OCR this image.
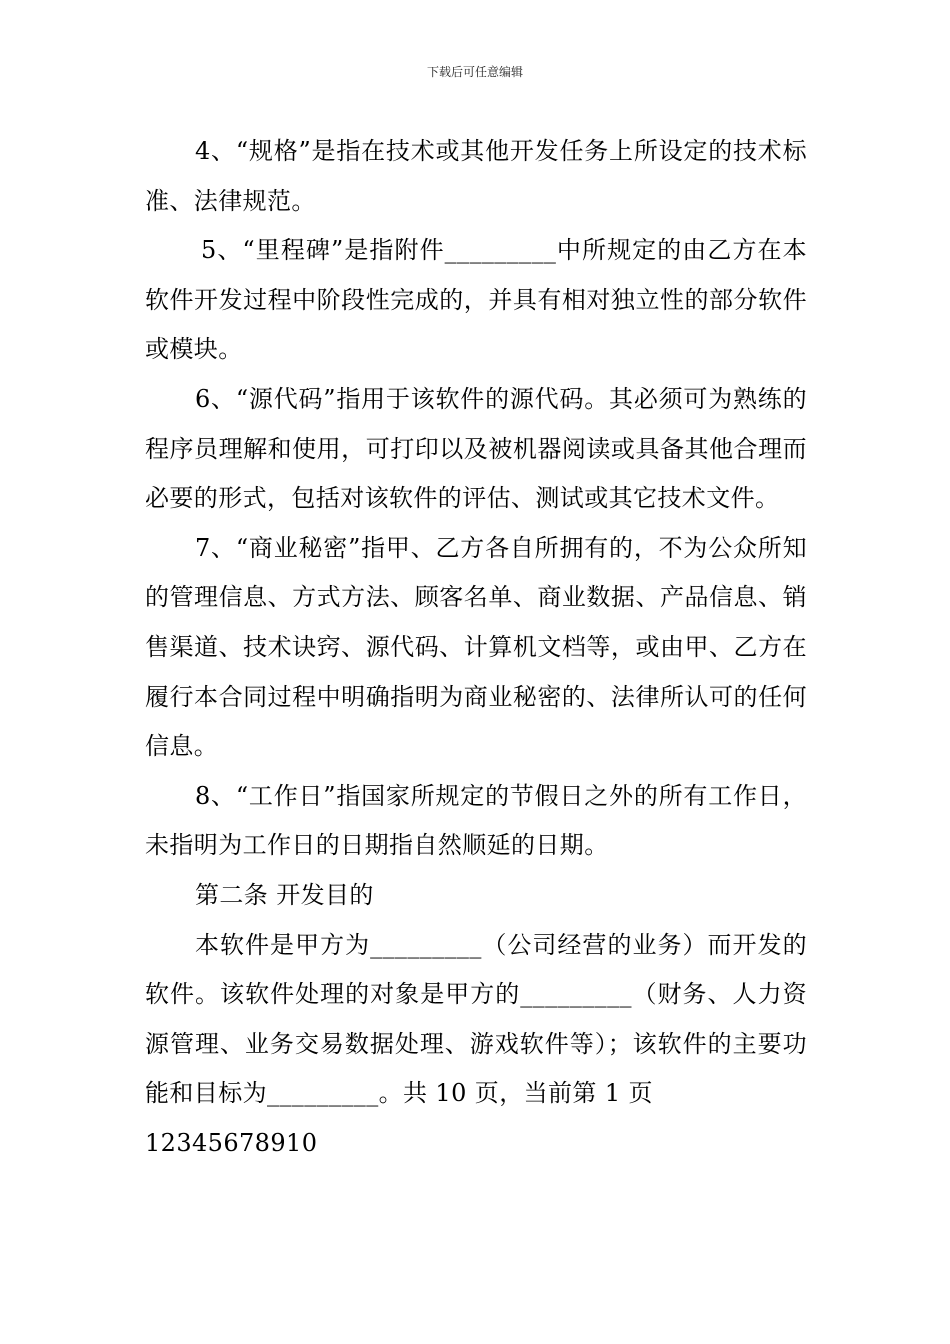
下载后可任意编辑

4、“规格”是指在技术或其他开发任务上所设定的技术标准、法律规范。

5、“里程碑”是指附件_________中所规定的由乙方在本软件开发过程中阶段性完成的，并具有相对独立性的部分软件或模块。

6、“源代码”指用于该软件的源代码。其必须可为熟练的程序员理解和使用，可打印以及被机器阅读或具备其他合理而必要的形式，包括对该软件的评估、测试或其它技术文件。

7、“商业秘密”指甲、乙方各自所拥有的，不为公众所知的管理信息、方式方法、顾客名单、商业数据、产品信息、销售渠道、技术诀窍、源代码、计算机文档等，或由甲、乙方在履行本合同过程中明确指明为商业秘密的、法律所认可的任何信息。

8、“工作日”指国家所规定的节假日之外的所有工作日，未指明为工作日的日期指自然顺延的日期。

第二条 开发目的

本软件是甲方为_________（公司经营的业务）而开发的软件。该软件处理的对象是甲方的_________（财务、人力资源管理、业务交易数据处理、游戏软件等）；该软件的主要功能和目标为_________。共 10 页，当前第 1 页

12345678910
